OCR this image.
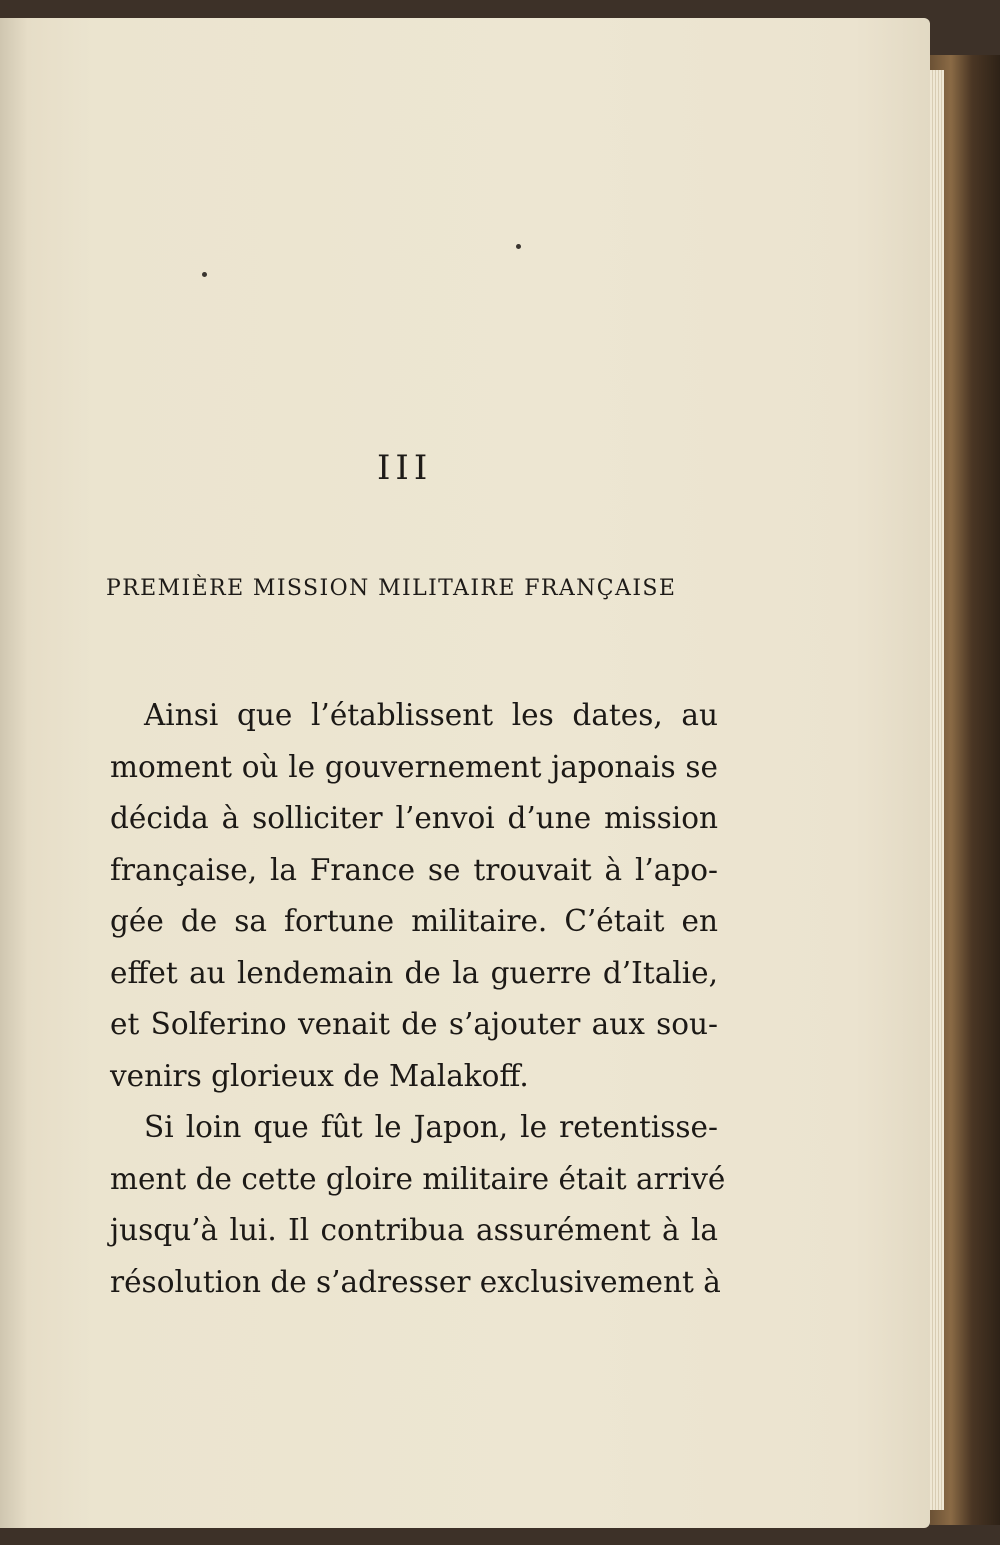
III
PREMIÈRE MISSION MILITAIRE FRANÇAISE
Ainsi que l’établissent les dates, au
moment où le gouvernement japonais se
décida à solliciter l’envoi d’une mission
française, la France se trouvait à l’apo-
gée de sa fortune militaire. C’était en
effet au lendemain de la guerre d’Italie,
et Solferino venait de s’ajouter aux sou-
venirs glorieux de Malakoff.
Si loin que fût le Japon, le retentisse-
ment de cette gloire militaire était arrivé
jusqu’à lui. Il contribua assurément à la
résolution de s’adresser exclusivement à
